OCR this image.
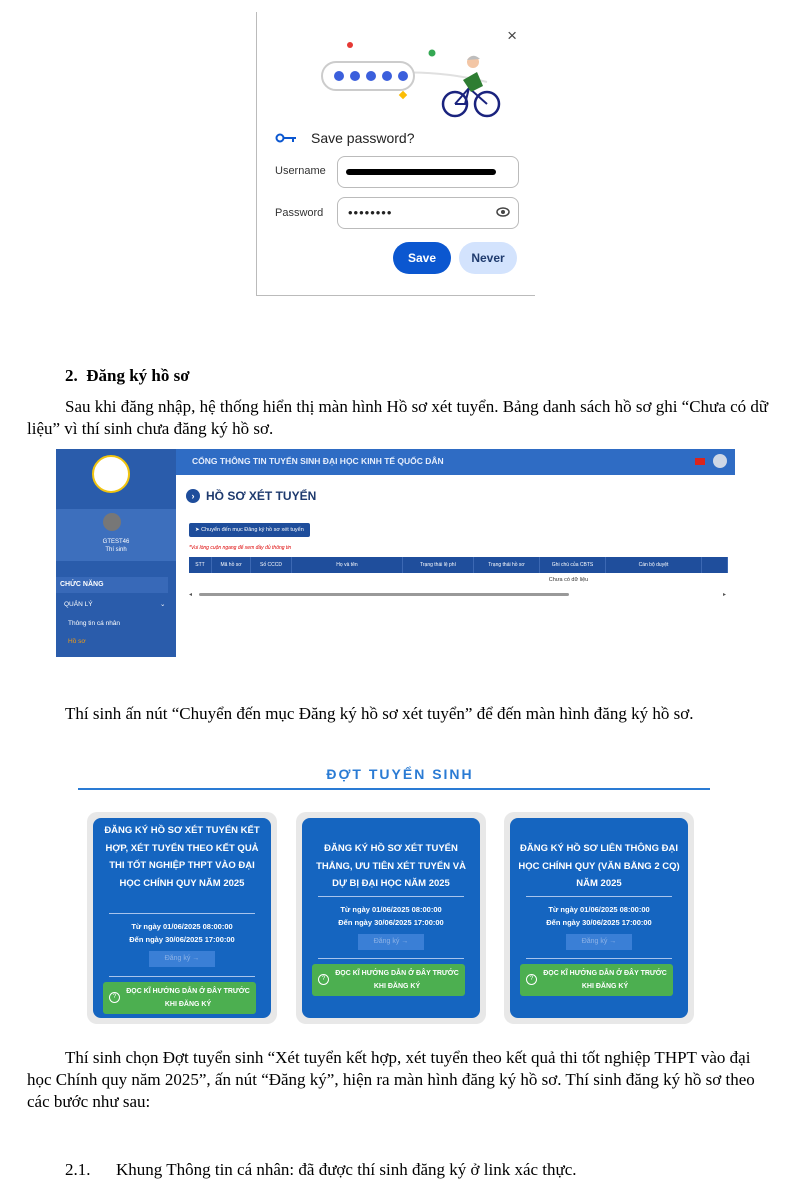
×
Save password?
Username
Password ••••••••
Save	Never
2.  Đăng ký hồ sơ
Sau khi đăng nhập, hệ thống hiển thị màn hình Hồ sơ xét tuyển. Bảng danh sách hồ sơ ghi “Chưa có dữ liệu” vì thí sinh chưa đăng ký hồ sơ.
GTEST46
Thí sinh
CHỨC NĂNG
QUẢN LÝ	⌄
Thông tin cá nhân
Hồ sơ
CỔNG THÔNG TIN TUYỂN SINH ĐẠI HỌC KINH TẾ QUỐC DÂN
› HỒ SƠ XÉT TUYỂN
➤ Chuyển đến mục Đăng ký hồ sơ xét tuyển
*Vui lòng cuộn ngang để xem đầy đủ thông tin
STT	Mã hồ sơ	Số CCCD	Họ và tên	Trạng thái lệ phí	Trạng thái hồ sơ	Ghi chú của CBTS	Cán bộ duyệt
Chưa có dữ liệu
◂	▸
Thí sinh ấn nút “Chuyển đến mục Đăng ký hồ sơ xét tuyển” để đến màn hình đăng ký hồ sơ.
ĐỢT TUYỂN SINH
ĐĂNG KÝ HỒ SƠ XÉT TUYỂN KẾT HỢP, XÉT TUYỂN THEO KẾT QUẢ THI TỐT NGHIỆP THPT VÀO ĐẠI HỌC CHÍNH QUY NĂM 2025
Từ ngày 01/06/2025 08:00:00
Đến ngày 30/06/2025 17:00:00
Đăng ký →
?
ĐỌC KĨ HƯỚNG DẪN Ở ĐÂY TRƯỚC KHI ĐĂNG KÝ
ĐĂNG KÝ HỒ SƠ XÉT TUYỂN THẲNG, ƯU TIÊN XÉT TUYỂN VÀ DỰ BỊ ĐẠI HỌC NĂM 2025
Từ ngày 01/06/2025 08:00:00
Đến ngày 30/06/2025 17:00:00
Đăng ký →
?
ĐỌC KĨ HƯỚNG DẪN Ở ĐÂY TRƯỚC KHI ĐĂNG KÝ
ĐĂNG KÝ HỒ SƠ LIÊN THÔNG ĐẠI HỌC CHÍNH QUY (VĂN BẰNG 2 CQ) NĂM 2025
Từ ngày 01/06/2025 08:00:00
Đến ngày 30/06/2025 17:00:00
Đăng ký →
?
ĐỌC KĨ HƯỚNG DẪN Ở ĐÂY TRƯỚC KHI ĐĂNG KÝ
Thí sinh chọn Đợt tuyển sinh “Xét tuyển kết hợp, xét tuyển theo kết quả thi tốt nghiệp THPT vào đại học Chính quy năm 2025”, ấn nút “Đăng ký”, hiện ra màn hình đăng ký hồ sơ. Thí sinh đăng ký hồ sơ theo các bước như sau:
2.1.      Khung Thông tin cá nhân: đã được thí sinh đăng ký ở link xác thực.
